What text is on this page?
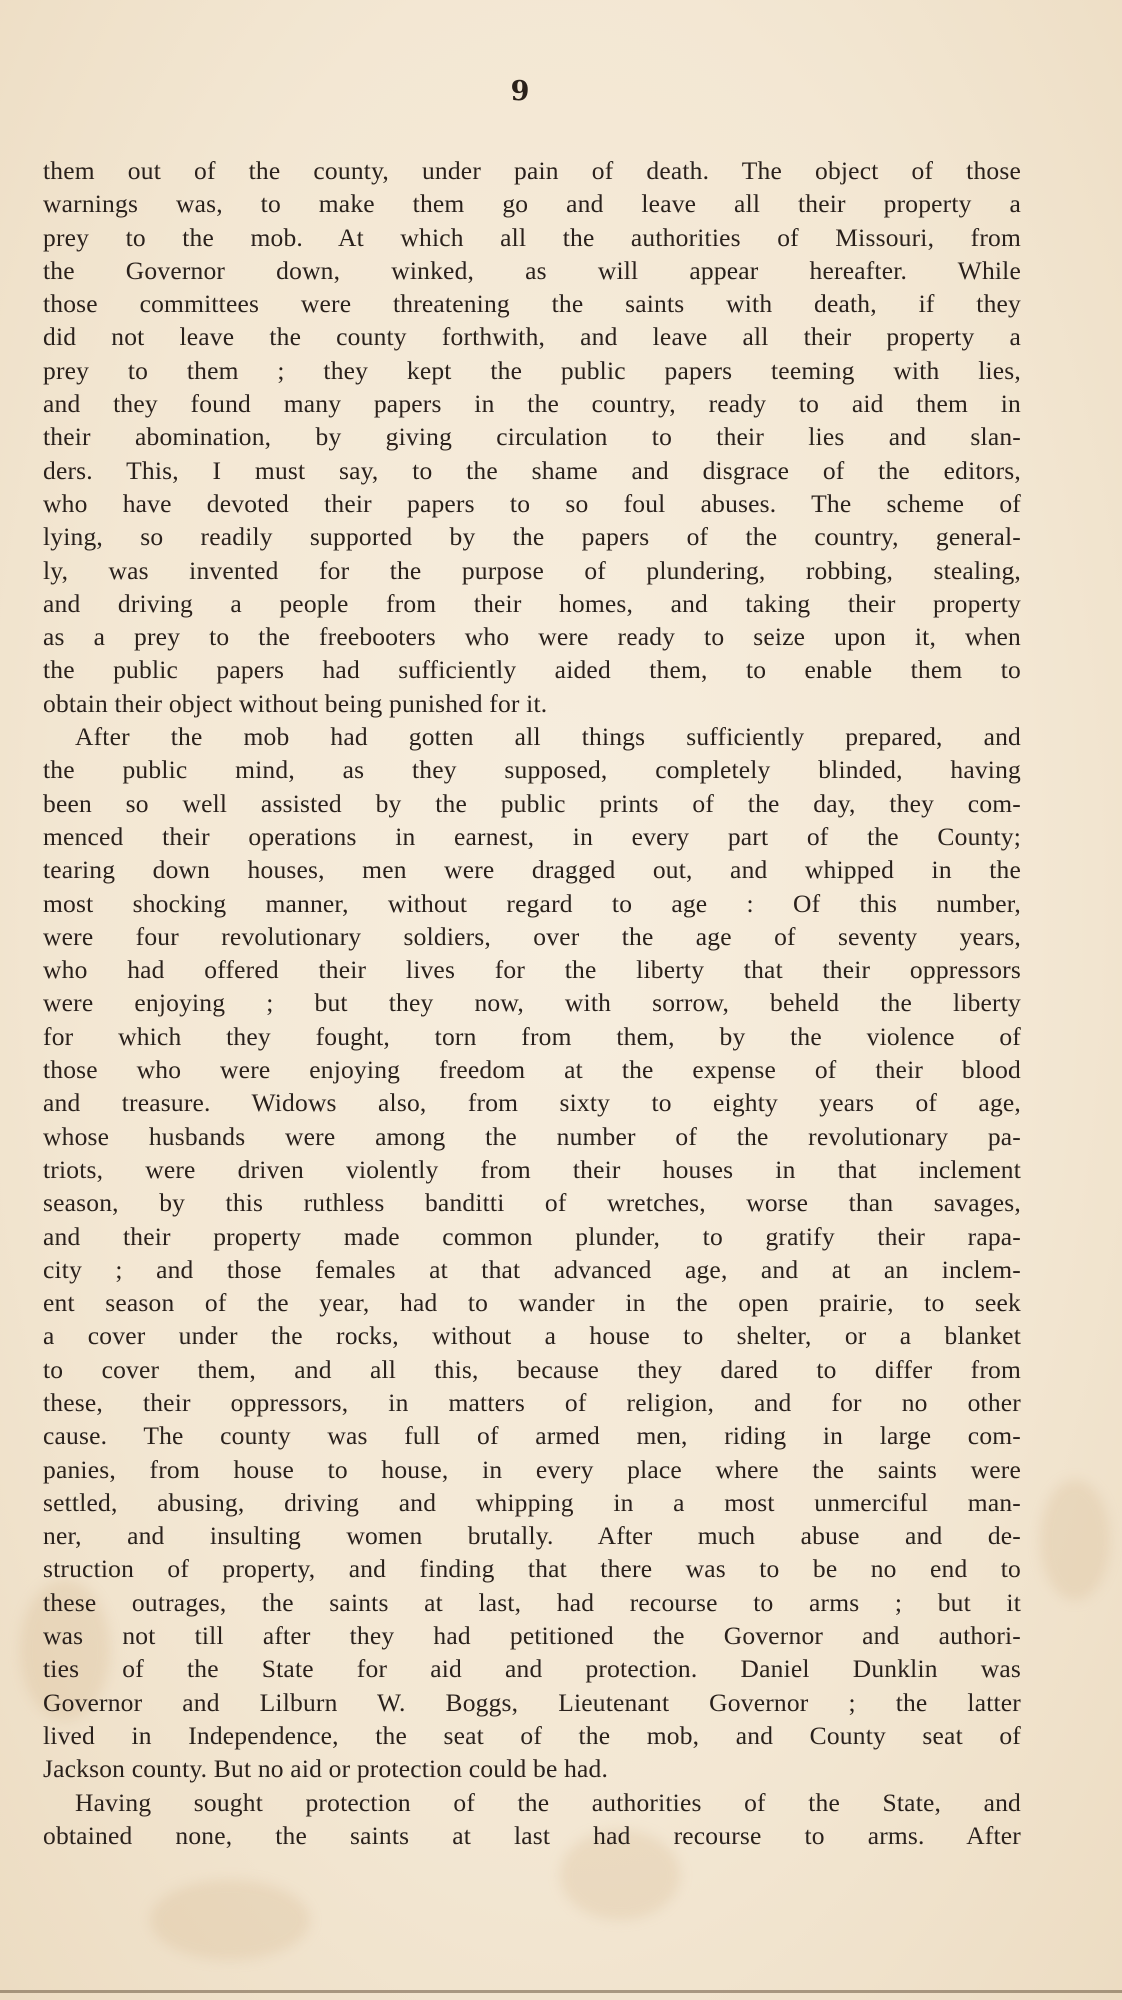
9
them out of the county, under pain of death. The object of those
warnings was, to make them go and leave all their property a
prey to the mob. At which all the authorities of Missouri, from
the Governor down, winked, as will appear hereafter. While
those committees were threatening the saints with death, if they
did not leave the county forthwith, and leave all their property a
prey to them ; they kept the public papers teeming with lies,
and they found many papers in the country, ready to aid them in
their abomination, by giving circulation to their lies and slan-
ders. This, I must say, to the shame and disgrace of the editors,
who have devoted their papers to so foul abuses. The scheme of
lying, so readily supported by the papers of the country, general-
ly, was invented for the purpose of plundering, robbing, stealing,
and driving a people from their homes, and taking their property
as a prey to the freebooters who were ready to seize upon it, when
the public papers had sufficiently aided them, to enable them to
obtain their object without being punished for it.
After the mob had gotten all things sufficiently prepared, and
the public mind, as they supposed, completely blinded, having
been so well assisted by the public prints of the day, they com-
menced their operations in earnest, in every part of the County;
tearing down houses, men were dragged out, and whipped in the
most shocking manner, without regard to age : Of this number,
were four revolutionary soldiers, over the age of seventy years,
who had offered their lives for the liberty that their oppressors
were enjoying ; but they now, with sorrow, beheld the liberty
for which they fought, torn from them, by the violence of
those who were enjoying freedom at the expense of their blood
and treasure. Widows also, from sixty to eighty years of age,
whose husbands were among the number of the revolutionary pa-
triots, were driven violently from their houses in that inclement
season, by this ruthless banditti of wretches, worse than savages,
and their property made common plunder, to gratify their rapa-
city ; and those females at that advanced age, and at an inclem-
ent season of the year, had to wander in the open prairie, to seek
a cover under the rocks, without a house to shelter, or a blanket
to cover them, and all this, because they dared to differ from
these, their oppressors, in matters of religion, and for no other
cause. The county was full of armed men, riding in large com-
panies, from house to house, in every place where the saints were
settled, abusing, driving and whipping in a most unmerciful man-
ner, and insulting women brutally. After much abuse and de-
struction of property, and finding that there was to be no end to
these outrages, the saints at last, had recourse to arms ; but it
was not till after they had petitioned the Governor and authori-
ties of the State for aid and protection. Daniel Dunklin was
Governor and Lilburn W. Boggs, Lieutenant Governor ; the latter
lived in Independence, the seat of the mob, and County seat of
Jackson county. But no aid or protection could be had.
Having sought protection of the authorities of the State, and
obtained none, the saints at last had recourse to arms. After
